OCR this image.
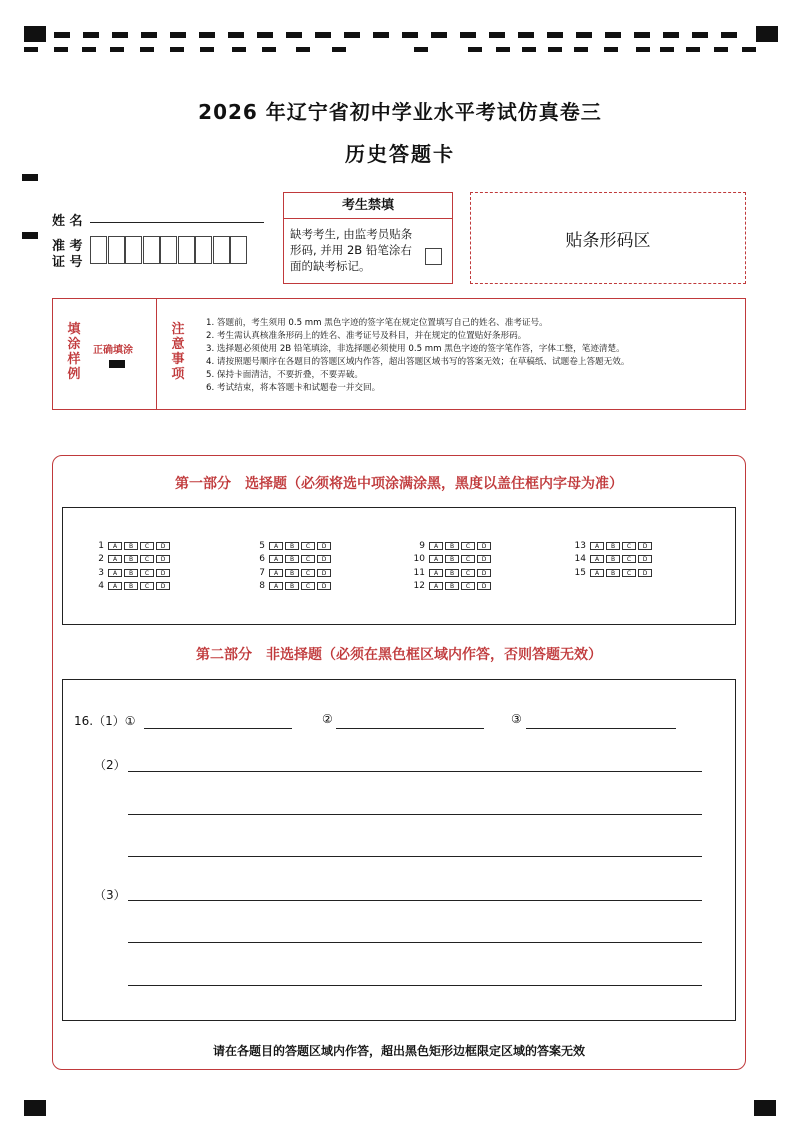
2026 年辽宁省初中学业水平考试仿真卷三
历史答题卡
姓 名
准 考
证 号
考生禁填
缺考考生, 由监考员贴条形码, 并用 2B 铅笔涂右面的缺考标记。
贴条形码区
填
涂
样
例
正确填涂
注
意
事
项
1. 答题前，考生须用 0.5 mm 黑色字迹的签字笔在规定位置填写自己的姓名、准考证号。
2. 考生需认真核准条形码上的姓名、准考证号及科目，并在规定的位置贴好条形码。
3. 选择题必须使用 2B 铅笔填涂，非选择题必须使用 0.5 mm 黑色字迹的签字笔作答，字体工整，笔迹清楚。
4. 请按照题号顺序在各题目的答题区域内作答，超出答题区域书写的答案无效；在草稿纸、试题卷上答题无效。
5. 保持卡面清洁，不要折叠，不要弄破。
6. 考试结束，将本答题卡和试题卷一并交回。
第一部分　选择题（必须将选中项涂满涂黑，黑度以盖住框内字母为准）
1	A	B	C	D
2	A	B	C	D
3	A	B	C	D
4	A	B	C	D
5	A	B	C	D
6	A	B	C	D
7	A	B	C	D
8	A	B	C	D
9	A	B	C	D
10	A	B	C	D
11	A	B	C	D
12	A	B	C	D
13	A	B	C	D
14	A	B	C	D
15	A	B	C	D
第二部分　非选择题（必须在黑色框区域内作答，否则答题无效）
16.（1）①	②	③
（2）
（3）
请在各题目的答题区域内作答，超出黑色矩形边框限定区域的答案无效
